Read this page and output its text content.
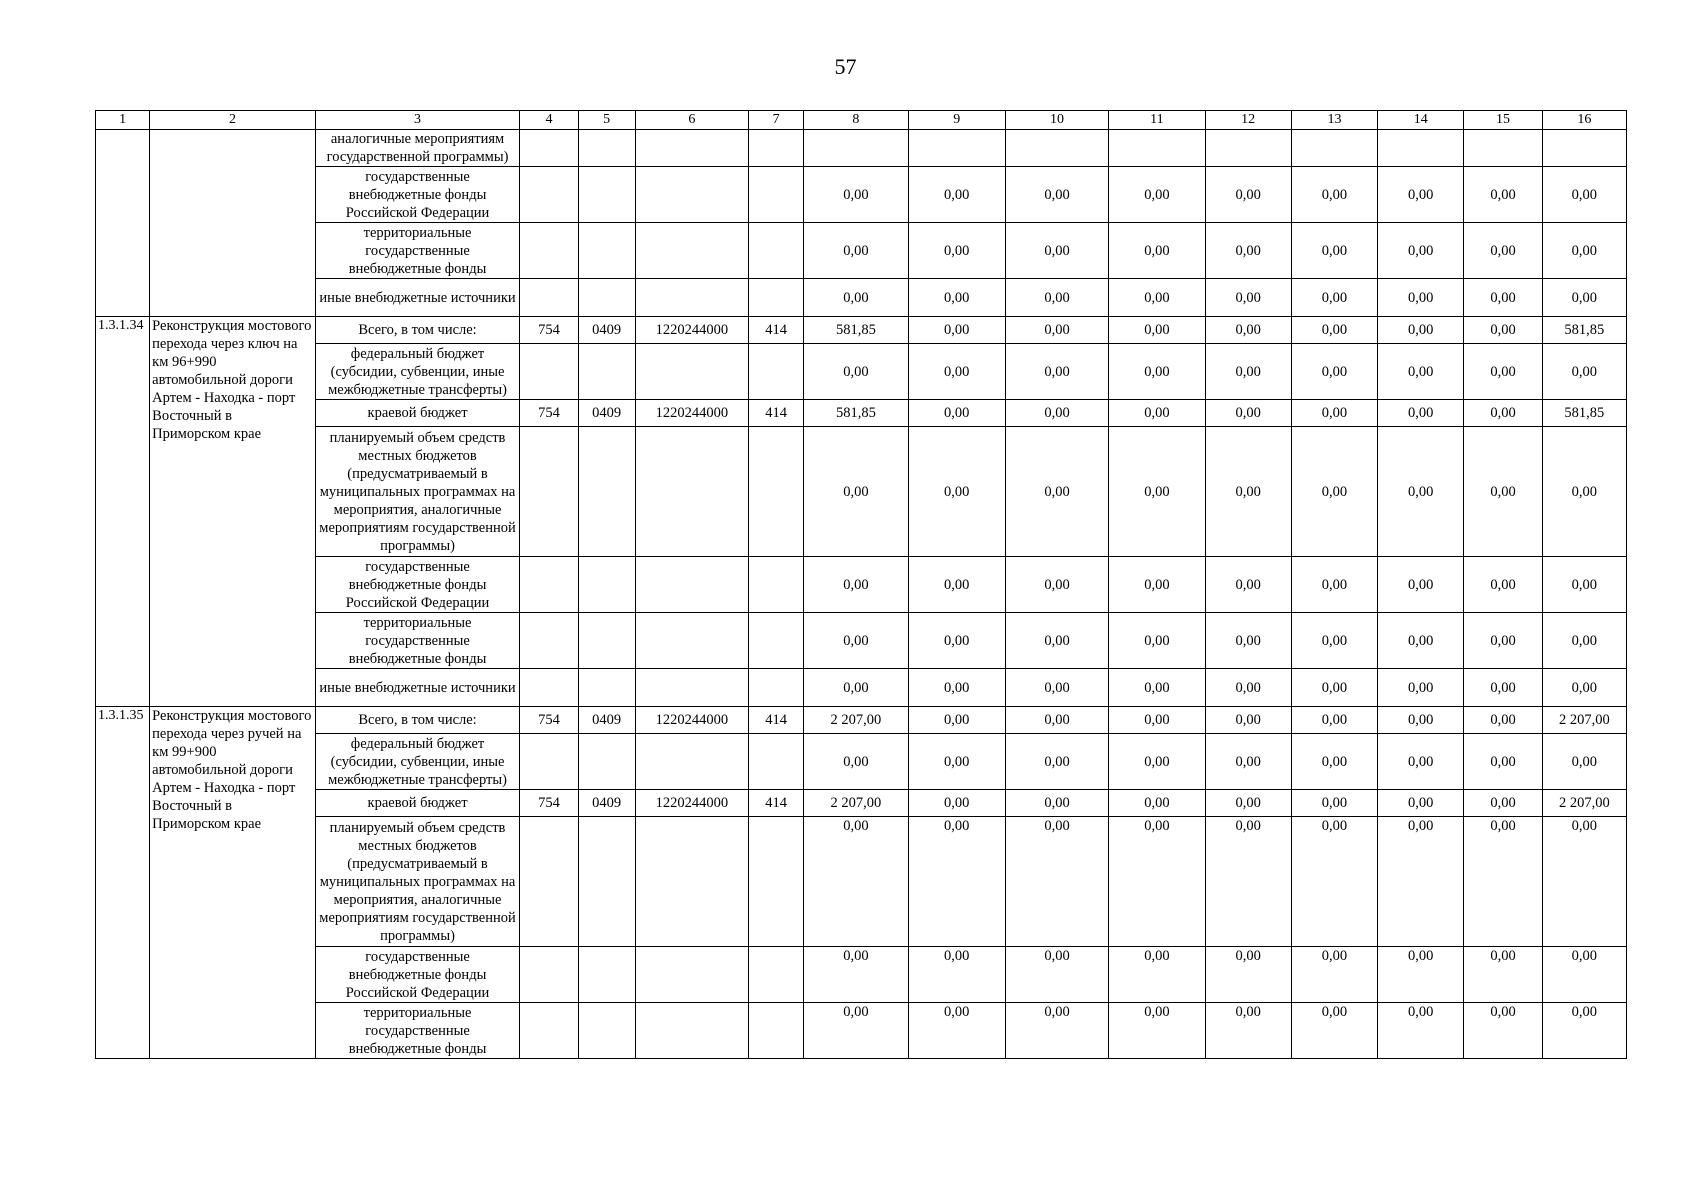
57
1	2	3	4	5	6	7	8	9	10	11	12	13	14	15	16
		аналогичные мероприятиям государственной программы)													
		государственные внебюджетные фонды Российской Федерации					0,00	0,00	0,00	0,00	0,00	0,00	0,00	0,00	0,00
		территориальные государственные внебюджетные фонды					0,00	0,00	0,00	0,00	0,00	0,00	0,00	0,00	0,00
		иные внебюджетные источники					0,00	0,00	0,00	0,00	0,00	0,00	0,00	0,00	0,00
1.3.1.34	Реконструкция мостового перехода через ключ на км 96+990 автомобильной дороги Артем - Находка - порт Восточный в Приморском крае	Всего, в том числе:	754	0409	1220244000	414	581,85	0,00	0,00	0,00	0,00	0,00	0,00	0,00	581,85
		федеральный бюджет (субсидии, субвенции, иные межбюджетные трансферты)					0,00	0,00	0,00	0,00	0,00	0,00	0,00	0,00	0,00
		краевой бюджет	754	0409	1220244000	414	581,85	0,00	0,00	0,00	0,00	0,00	0,00	0,00	581,85
		планируемый объем средств местных бюджетов (предусматриваемый в муниципальных программах на мероприятия, аналогичные мероприятиям государственной программы)					0,00	0,00	0,00	0,00	0,00	0,00	0,00	0,00	0,00
		государственные внебюджетные фонды Российской Федерации					0,00	0,00	0,00	0,00	0,00	0,00	0,00	0,00	0,00
		территориальные государственные внебюджетные фонды					0,00	0,00	0,00	0,00	0,00	0,00	0,00	0,00	0,00
		иные внебюджетные источники					0,00	0,00	0,00	0,00	0,00	0,00	0,00	0,00	0,00
1.3.1.35	Реконструкция мостового перехода через ручей на км 99+900 автомобильной дороги Артем - Находка - порт Восточный в Приморском крае	Всего, в том числе:	754	0409	1220244000	414	2 207,00	0,00	0,00	0,00	0,00	0,00	0,00	0,00	2 207,00
		федеральный бюджет (субсидии, субвенции, иные межбюджетные трансферты)					0,00	0,00	0,00	0,00	0,00	0,00	0,00	0,00	0,00
		краевой бюджет	754	0409	1220244000	414	2 207,00	0,00	0,00	0,00	0,00	0,00	0,00	0,00	2 207,00
		планируемый объем средств местных бюджетов (предусматриваемый в муниципальных программах на мероприятия, аналогичные мероприятиям государственной программы)					0,00	0,00	0,00	0,00	0,00	0,00	0,00	0,00	0,00
		государственные внебюджетные фонды Российской Федерации					0,00	0,00	0,00	0,00	0,00	0,00	0,00	0,00	0,00
		территориальные государственные внебюджетные фонды					0,00	0,00	0,00	0,00	0,00	0,00	0,00	0,00	0,00
